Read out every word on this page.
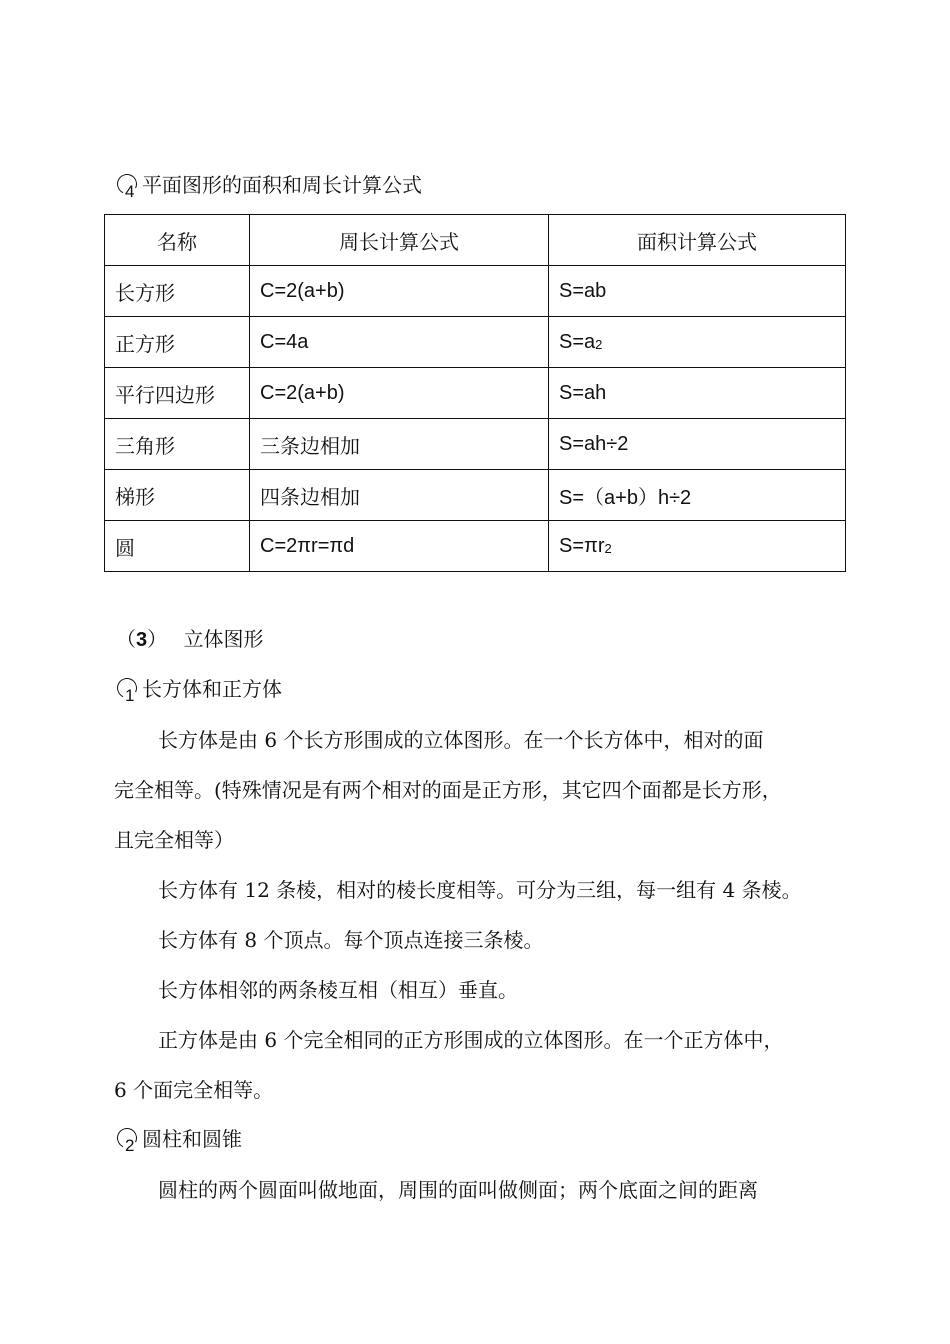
4 平面图形的面积和周长计算公式
名称	周长计算公式	面积计算公式
长方形	C=2(a+b)	S=ab
正方形	C=4a	$S=a^2$
平行四边形	C=2(a+b)	S=ah
三角形	三条边相加	S=ah÷2
梯形	四条边相加	S=（a+b）h÷2
圆	C=2πr=πd	$S=\pi r^2$
（3） 立体图形
1 长方体和正方体
长方体是由 6 个长方形围成的立体图形。在一个长方体中，相对的面
完全相等。(特殊情况是有两个相对的面是正方形，其它四个面都是长方形，
且完全相等）
长方体有 12 条棱，相对的棱长度相等。可分为三组，每一组有 4 条棱。
长方体有 8 个顶点。每个顶点连接三条棱。
长方体相邻的两条棱互相（相互）垂直。
正方体是由 6 个完全相同的正方形围成的立体图形。在一个正方体中，
6 个面完全相等。
2 圆柱和圆锥
圆柱的两个圆面叫做地面，周围的面叫做侧面；两个底面之间的距离
